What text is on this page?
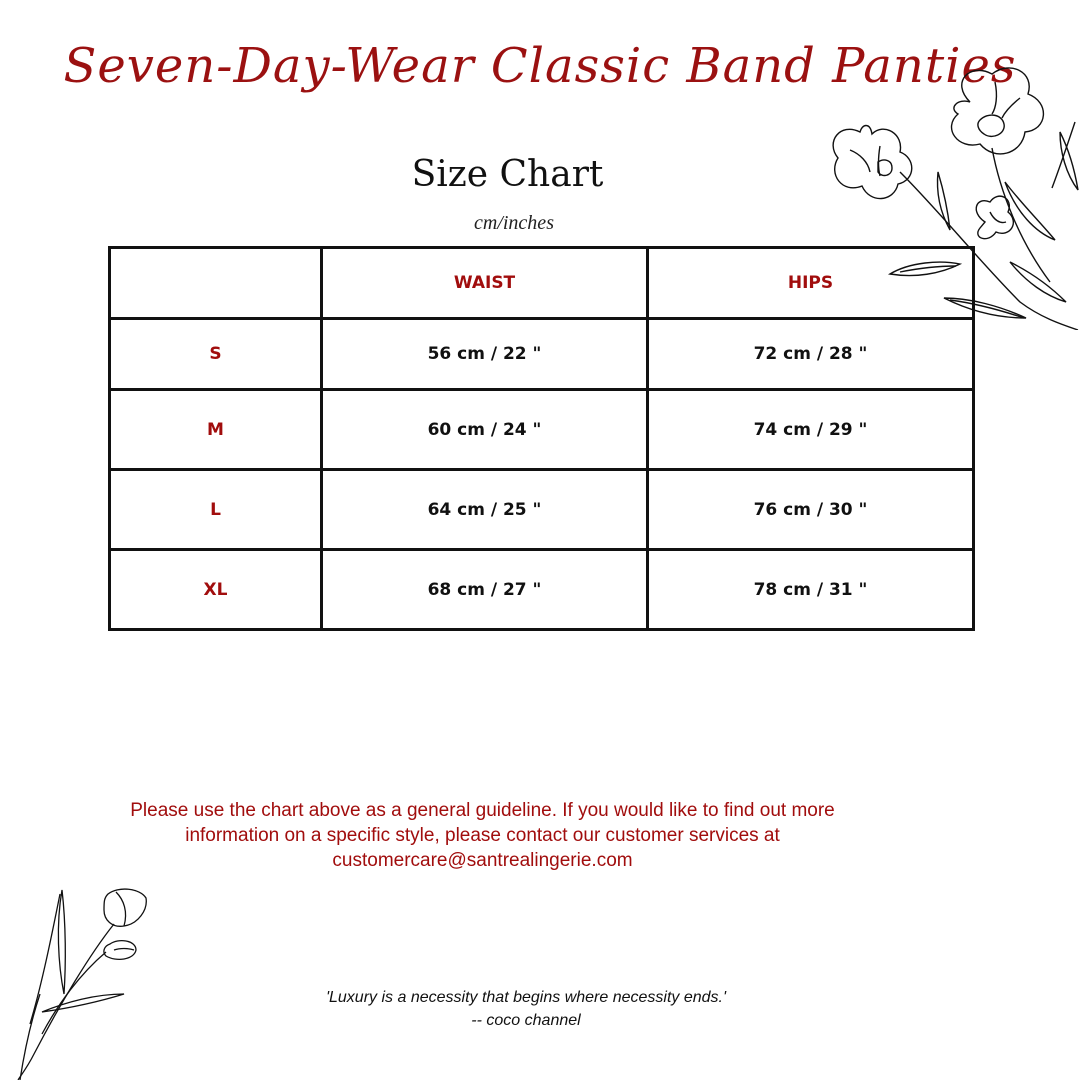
Seven-Day-Wear Classic Band Panties
Size Chart
cm/inches
	WAIST	HIPS
S	56 cm / 22 "	72 cm / 28 "
M	60 cm / 24 "	74 cm / 29 "
L	64 cm / 25 "	76 cm / 30 "
XL	68 cm / 27 "	78 cm / 31 "
Please use the chart above as a general guideline. If you would like to find out more information on a specific style, please contact our customer services at customercare@santrealingerie.com
'Luxury is a necessity that begins where necessity ends.'
-- coco channel
